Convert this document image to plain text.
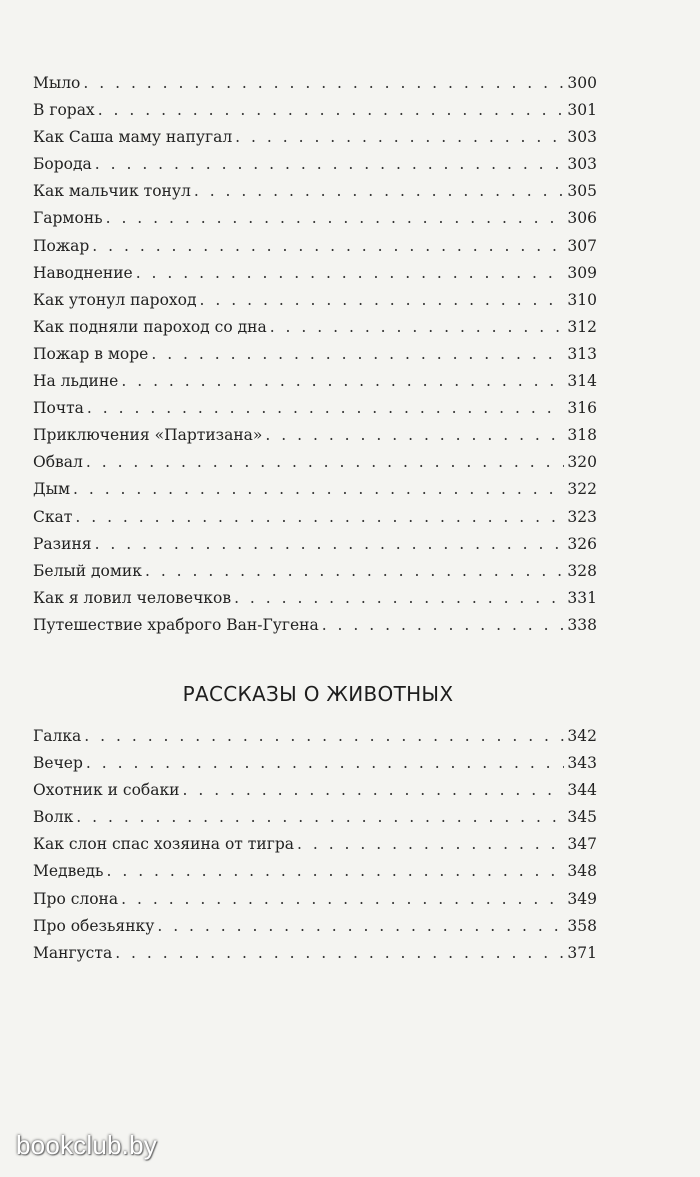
Мыло . . .	300
В горах . . .	301
Как Саша маму напугал . . .	303
Борода . . .	303
Как мальчик тонул . . .	305
Гармонь . . .	306
Пожар . . .	307
Наводнение . . .	309
Как утонул пароход . . .	310
Как подняли пароход со дна . . .	312
Пожар в море . . .	313
На льдине . . .	314
Почта . . .	316
Приключения «Партизана» . . .	318
Обвал . . .	320
Дым . . .	322
Скат . . .	323
Разиня . . .	326
Белый домик . . .	328
Как я ловил человечков . . .	331
Путешествие храброго Ван-Гугена . . .	338
РАССКАЗЫ О ЖИВОТНЫХ
Галка . . .	342
Вечер . . .	343
Охотник и собаки . . .	344
Волк . . .	345
Как слон спас хозяина от тигра . . .	347
Медведь . . .	348
Про слона . . .	349
Про обезьянку . . .	358
Мангуста . . .	371
bookclub.by
